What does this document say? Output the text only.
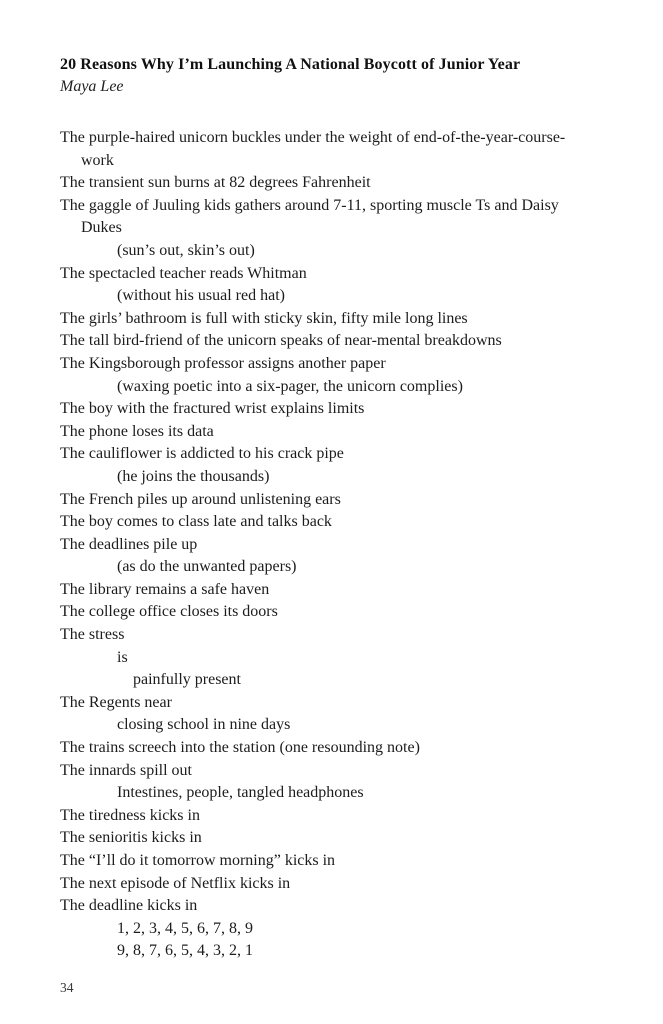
20 Reasons Why I’m Launching A National Boycott of Junior Year
Maya Lee
The purple-haired unicorn buckles under the weight of end-of-the-year-course-
work
The transient sun burns at 82 degrees Fahrenheit
The gaggle of Juuling kids gathers around 7-11, sporting muscle Ts and Daisy
Dukes
(sun’s out, skin’s out)
The spectacled teacher reads Whitman
(without his usual red hat)
The girls’ bathroom is full with sticky skin, fifty mile long lines
The tall bird-friend of the unicorn speaks of near-mental breakdowns
The Kingsborough professor assigns another paper
(waxing poetic into a six-pager, the unicorn complies)
The boy with the fractured wrist explains limits
The phone loses its data
The cauliflower is addicted to his crack pipe
(he joins the thousands)
The French piles up around unlistening ears
The boy comes to class late and talks back
The deadlines pile up
(as do the unwanted papers)
The library remains a safe haven
The college office closes its doors
The stress
is
painfully present
The Regents near
closing school in nine days
The trains screech into the station (one resounding note)
The innards spill out
Intestines, people, tangled headphones
The tiredness kicks in
The senioritis kicks in
The “I’ll do it tomorrow morning” kicks in
The next episode of Netflix kicks in
The deadline kicks in
1, 2, 3, 4, 5, 6, 7, 8, 9
9, 8, 7, 6, 5, 4, 3, 2, 1
34
